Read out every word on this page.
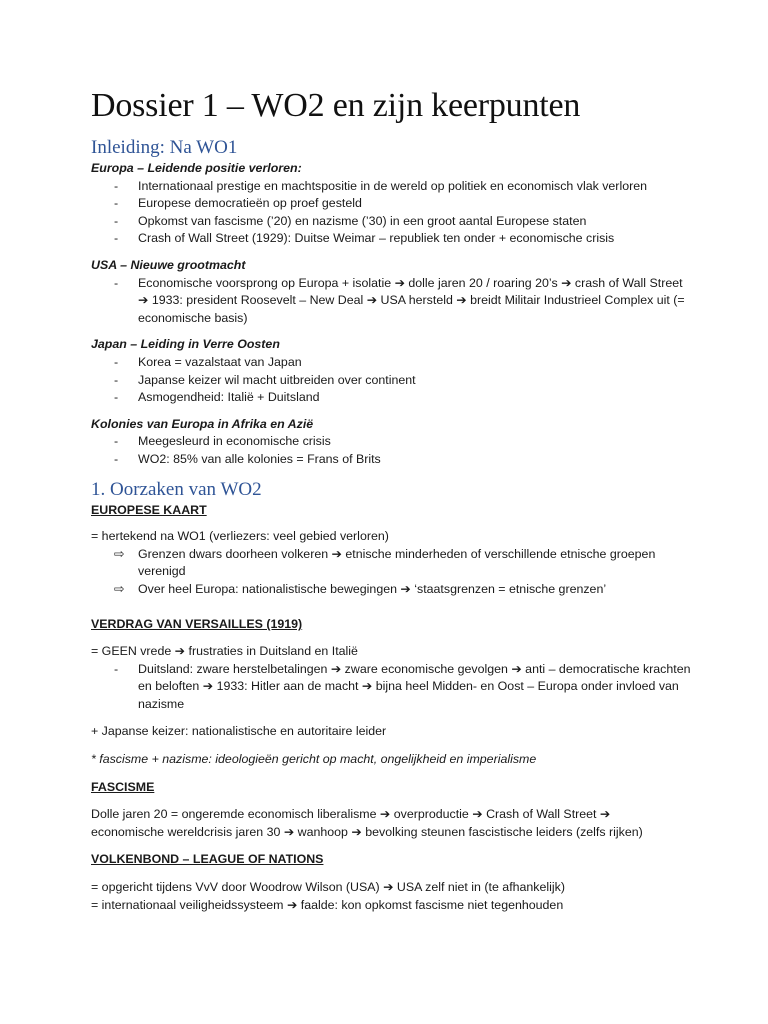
Dossier 1 – WO2 en zijn keerpunten
Inleiding: Na WO1

Europa – Leidende positie verloren:

- Internationaal prestige en machtspositie in de wereld op politiek en economisch vlak verloren
- Europese democratieën op proef gesteld
- Opkomst van fascisme (’20) en nazisme (’30) in een groot aantal Europese staten
- Crash of Wall Street (1929): Duitse Weimar – republiek ten onder + economische crisis

USA – Nieuwe grootmacht

- Economische voorsprong op Europa + isolatie ➔ dolle jaren 20 / roaring 20’s ➔ crash of Wall Street ➔ 1933: president Roosevelt – New Deal ➔ USA hersteld ➔ breidt Militair Industrieel Complex uit (= economische basis)

Japan – Leiding in Verre Oosten

- Korea = vazalstaat van Japan
- Japanse keizer wil macht uitbreiden over continent
- Asmogendheid: Italië + Duitsland

Kolonies van Europa in Afrika en Azië

- Meegesleurd in economische crisis
- WO2: 85% van alle kolonies = Frans of Brits
1. Oorzaken van WO2

EUROPESE KAART

= hertekend na WO1 (verliezers: veel gebied verloren)

⇨ Grenzen dwars doorheen volkeren ➔ etnische minderheden of verschillende etnische groepen verenigd
⇨ Over heel Europa: nationalistische bewegingen ➔ ‘staatsgrenzen = etnische grenzen’

VERDRAG VAN VERSAILLES (1919)

= GEEN vrede ➔ frustraties in Duitsland en Italië

- Duitsland: zware herstelbetalingen ➔ zware economische gevolgen ➔ anti – democratische krachten en beloften ➔ 1933: Hitler aan de macht ➔ bijna heel Midden- en Oost – Europa onder invloed van nazisme

+ Japanse keizer: nationalistische en autoritaire leider

* fascisme + nazisme: ideologieën gericht op macht, ongelijkheid en imperialisme

FASCISME

Dolle jaren 20 = ongeremde economisch liberalisme ➔ overproductie ➔ Crash of Wall Street ➔

economische wereldcrisis jaren 30 ➔ wanhoop ➔ bevolking steunen fascistische leiders (zelfs rijken)

VOLKENBOND – LEAGUE OF NATIONS

= opgericht tijdens VvV door Woodrow Wilson (USA) ➔ USA zelf niet in (te afhankelijk)

= internationaal veiligheidssysteem ➔ faalde: kon opkomst fascisme niet tegenhouden
